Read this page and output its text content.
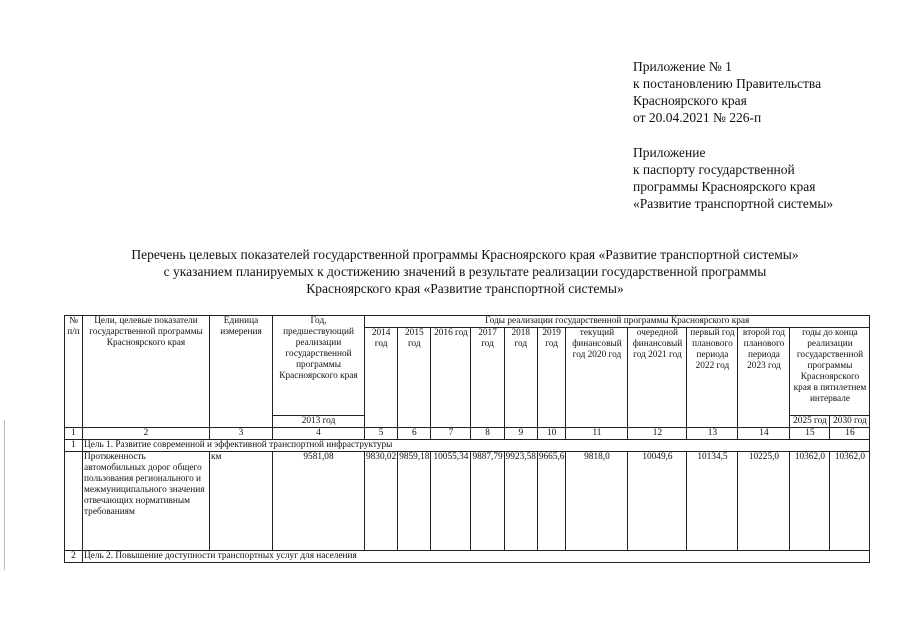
Приложение № 1
к постановлению Правительства
Красноярского края
от 20.04.2021 № 226-п
Приложение
к паспорту государственной
программы Красноярского края
«Развитие транспортной системы»
Перечень целевых показателей государственной программы Красноярского края «Развитие транспортной системы»
с указанием планируемых к достижению значений в результате реализации государственной программы
Красноярского края «Развитие транспортной системы»
№ п/п	Цели, целевые показатели государственной программы Красноярского края	Единица измерения	Год, предшествующий реализации государственной программы Красноярского края	Годы реализации государственной программы Красноярского края											
				2014 год	2015 год	2016 год	2017 год	2018 год	2019 год	текущий финансовый год 2020 год	очередной финансовый год 2021 год	первый год планового периода 2022 год	второй год планового периода 2023 год	годы до конца реализации государственной программы Красноярского края в пятилетнем интервале	
			2013 год											2025 год	2030 год
1	2	3	4	5	6	7	8	9	10	11	12	13	14	15	16
1	Цель 1. Развитие современной и эффективной транспортной инфраструктуры														
	Протяженность автомобильных дорог общего пользования регионального и межмуниципального значения отвечающих нормативным требованиям	км	9581,08	9830,02	9859,18	10055,34	9887,79	9923,58	9665,6	9818,0	10049,6	10134,5	10225,0	10362,0	10362,0
2	Цель 2. Повышение доступности транспортных услуг для населения														
